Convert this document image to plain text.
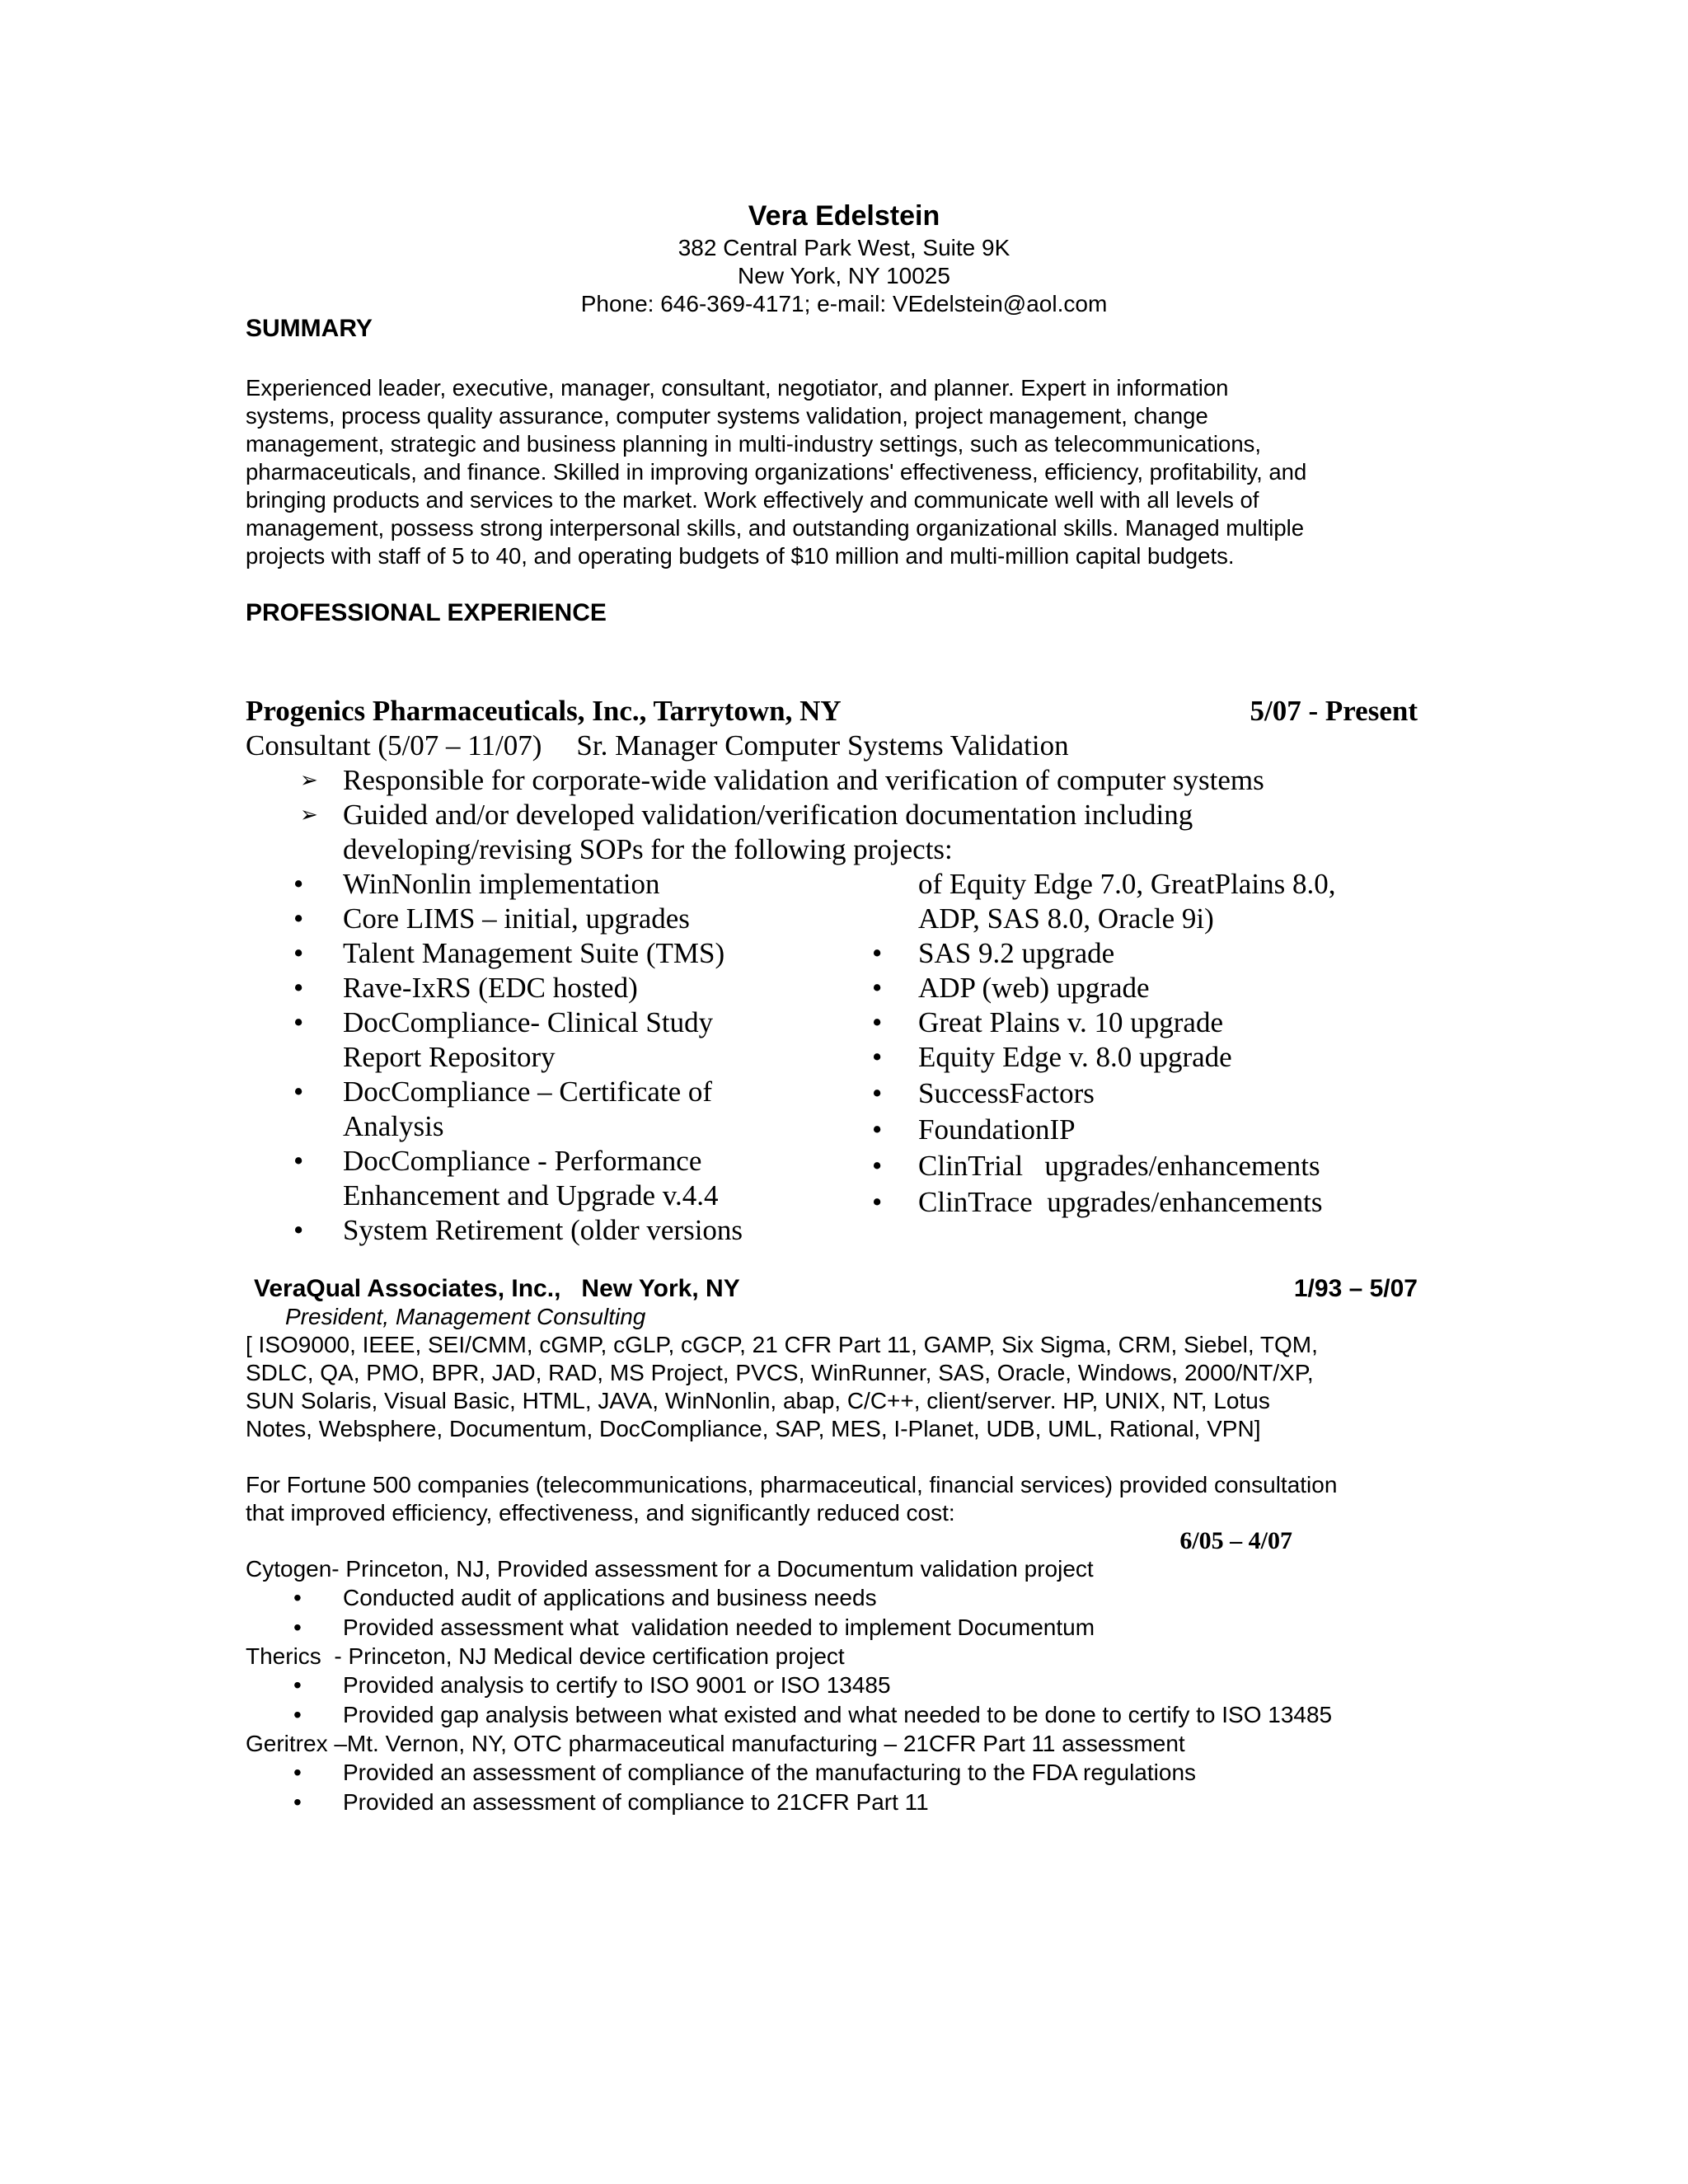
Vera Edelstein
382 Central Park West, Suite 9K
New York, NY 10025
Phone: 646-369-4171; e-mail: VEdelstein@aol.com
SUMMARY
Experienced leader, executive, manager, consultant, negotiator, and planner. Expert in information
systems, process quality assurance, computer systems validation, project management, change
management, strategic and business planning in multi-industry settings, such as telecommunications,
pharmaceuticals, and finance. Skilled in improving organizations' effectiveness, efficiency, profitability, and
bringing products and services to the market. Work effectively and communicate well with all levels of
management, possess strong interpersonal skills, and outstanding organizational skills. Managed multiple
projects with staff of 5 to 40, and operating budgets of $10 million and multi-million capital budgets.
PROFESSIONAL EXPERIENCE
Progenics Pharmaceuticals, Inc., Tarrytown, NY	5/07 - Present
Consultant (5/07 – 11/07) Sr. Manager Computer Systems Validation
➢ Responsible for corporate-wide validation and verification of computer systems
➢ Guided and/or developed validation/verification documentation including developing/revising SOPs for the following projects:
• WinNonlin implementation
• Core LIMS – initial, upgrades
• Talent Management Suite (TMS)
• Rave-IxRS (EDC hosted)
• DocCompliance- Clinical Study Report Repository
• DocCompliance – Certificate of Analysis
• DocCompliance - Performance Enhancement and Upgrade v.4.4
• System Retirement (older versions
of Equity Edge 7.0, GreatPlains 8.0, ADP, SAS 8.0, Oracle 9i)
• SAS 9.2 upgrade
• ADP (web) upgrade
• Great Plains v. 10 upgrade
• Equity Edge v. 8.0 upgrade
• SuccessFactors
• FoundationIP
• ClinTrial   upgrades/enhancements
• ClinTrace  upgrades/enhancements
VeraQual Associates, Inc.,   New York, NY	1/93 – 5/07
President, Management Consulting
[ ISO9000, IEEE, SEI/CMM, cGMP, cGLP, cGCP, 21 CFR Part 11, GAMP, Six Sigma, CRM, Siebel, TQM,
SDLC, QA, PMO, BPR, JAD, RAD, MS Project, PVCS, WinRunner, SAS, Oracle, Windows, 2000/NT/XP,
SUN Solaris, Visual Basic, HTML, JAVA, WinNonlin, abap, C/C++, client/server. HP, UNIX, NT, Lotus
Notes, Websphere, Documentum, DocCompliance, SAP, MES, I-Planet, UDB, UML, Rational, VPN]
For Fortune 500 companies (telecommunications, pharmaceutical, financial services) provided consultation
that improved efficiency, effectiveness, and significantly reduced cost:
6/05 – 4/07
Cytogen- Princeton, NJ, Provided assessment for a Documentum validation project
• Conducted audit of applications and business needs
• Provided assessment what  validation needed to implement Documentum
Therics  - Princeton, NJ Medical device certification project
• Provided analysis to certify to ISO 9001 or ISO 13485
• Provided gap analysis between what existed and what needed to be done to certify to ISO 13485
Geritrex –Mt. Vernon, NY, OTC pharmaceutical manufacturing – 21CFR Part 11 assessment
• Provided an assessment of compliance of the manufacturing to the FDA regulations
• Provided an assessment of compliance to 21CFR Part 11
